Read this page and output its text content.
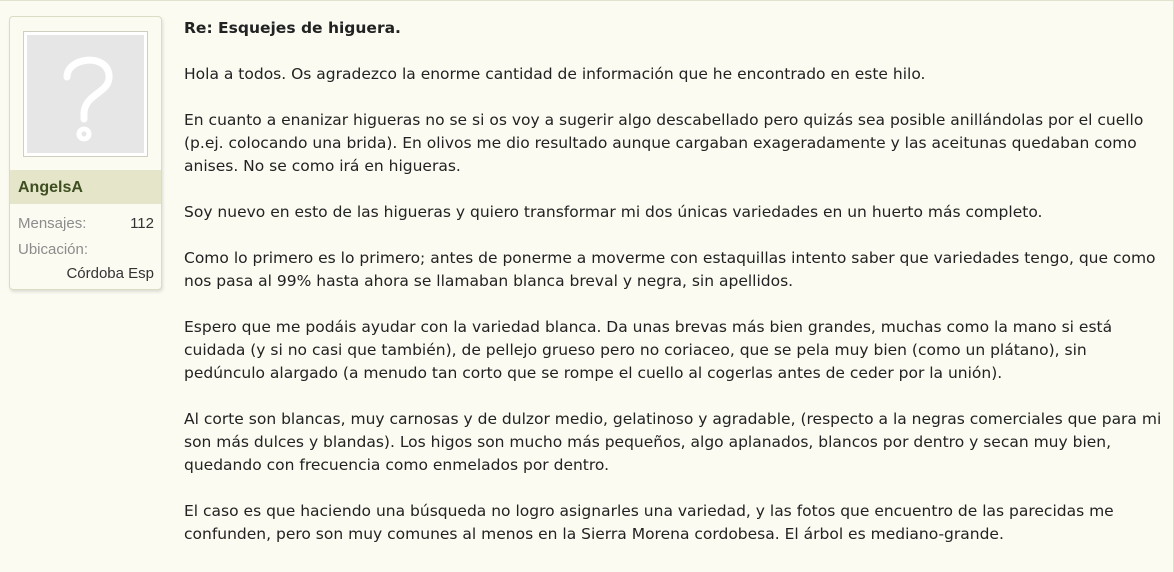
AngelsA
Mensajes:	112
Ubicación:
Córdoba Esp
Re: Esquejes de higuera.
Hola a todos. Os agradezco la enorme cantidad de información que he encontrado en este hilo.
En cuanto a enanizar higueras no se si os voy a sugerir algo descabellado pero quizás sea posible anillándolas por el cuello (p.ej. colocando una brida). En olivos me dio resultado aunque cargaban exageradamente y las aceitunas quedaban como anises. No se como irá en higueras.
Soy nuevo en esto de las higueras y quiero transformar mi dos únicas variedades en un huerto más completo.
Como lo primero es lo primero; antes de ponerme a moverme con estaquillas intento saber que variedades tengo, que como nos pasa al 99% hasta ahora se llamaban blanca breval y negra, sin apellidos.
Espero que me podáis ayudar con la variedad blanca. Da unas brevas más bien grandes, muchas como la mano si está cuidada (y si no casi que también), de pellejo grueso pero no coriaceo, que se pela muy bien (como un plátano), sin pedúnculo alargado (a menudo tan corto que se rompe el cuello al cogerlas antes de ceder por la unión).
Al corte son blancas, muy carnosas y de dulzor medio, gelatinoso y agradable, (respecto a la negras comerciales que para mi son más dulces y blandas). Los higos son mucho más pequeños, algo aplanados, blancos por dentro y secan muy bien, quedando con frecuencia como enmelados por dentro.
El caso es que haciendo una búsqueda no logro asignarles una variedad, y las fotos que encuentro de las parecidas me confunden, pero son muy comunes al menos en la Sierra Morena cordobesa. El árbol es mediano-grande.
